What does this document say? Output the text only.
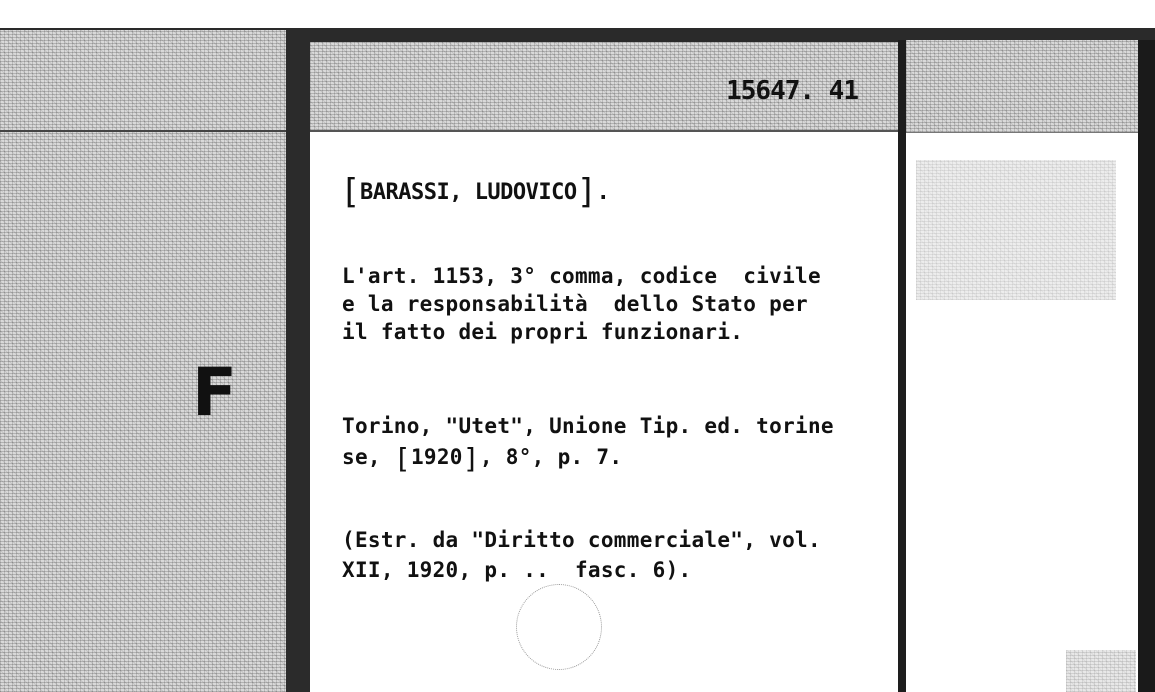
F
15647. 41
[BARASSI, LUDOVICO].
L'art. 1153, 3° comma, codice  civile
e la responsabilità  dello Stato per
il fatto dei propri funzionari.
Torino, "Utet", Unione Tip. ed. torine
se, [1920], 8°, p. 7.
(Estr. da "Diritto commerciale", vol.
XII, 1920, p. ..  fasc. 6).
